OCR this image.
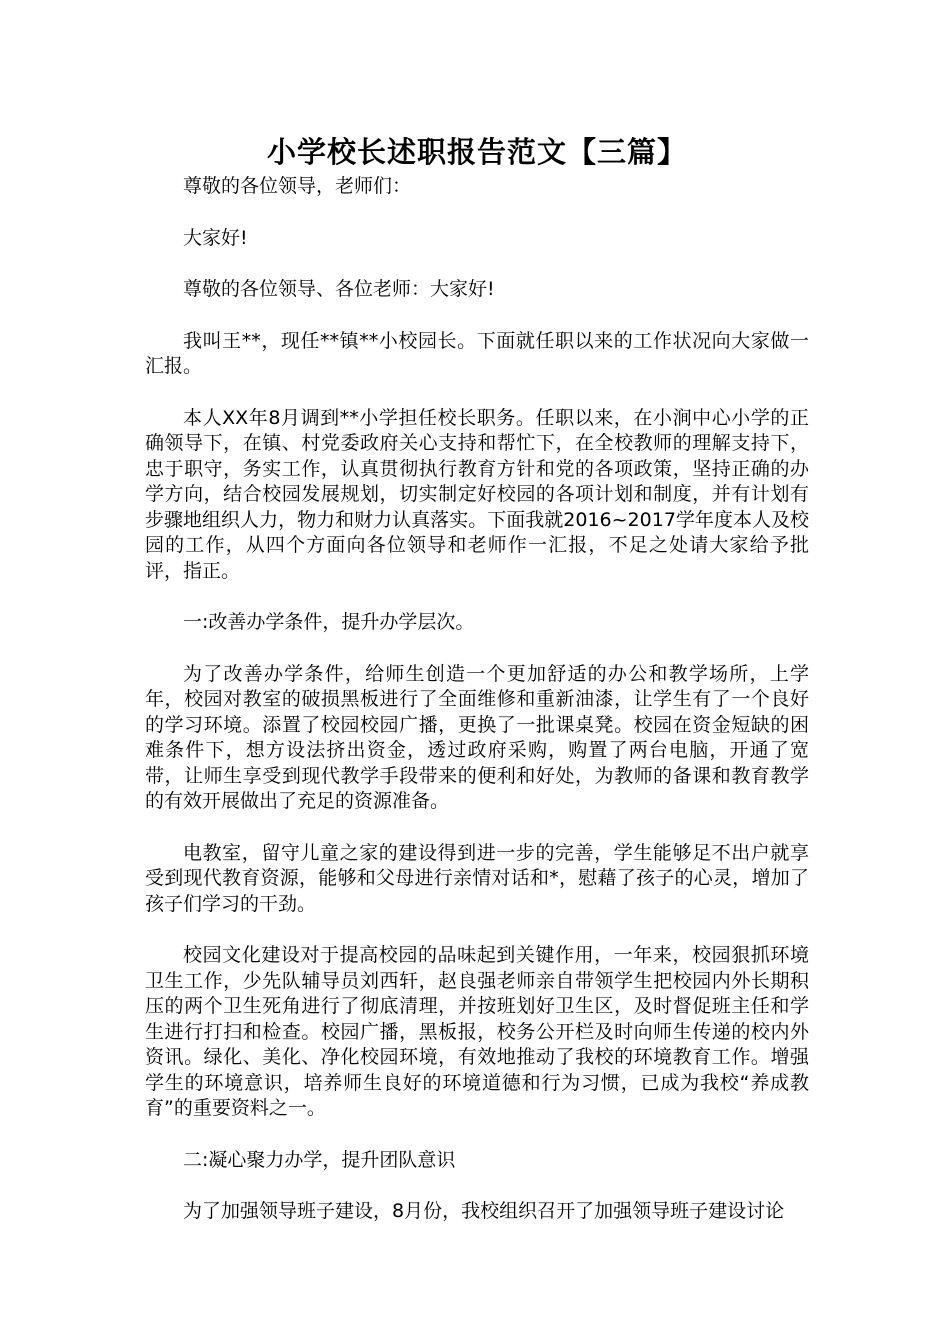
小学校长述职报告范文【三篇】

尊敬的各位领导，老师们：

大家好!

尊敬的各位领导、各位老师：大家好!

我叫王**，现任**镇**小校园长。下面就任职以来的工作状况向大家做一汇报。

本人XX年8月调到**小学担任校长职务。任职以来，在小涧中心小学的正确领导下，在镇、村党委政府关心支持和帮忙下，在全校教师的理解支持下，忠于职守，务实工作，认真贯彻执行教育方针和党的各项政策，坚持正确的办学方向，结合校园发展规划，切实制定好校园的各项计划和制度，并有计划有步骤地组织人力，物力和财力认真落实。下面我就2016~2017学年度本人及校园的工作，从四个方面向各位领导和老师作一汇报，不足之处请大家给予批评，指正。

一:改善办学条件，提升办学层次。

为了改善办学条件，给师生创造一个更加舒适的办公和教学场所，上学年，校园对教室的破损黑板进行了全面维修和重新油漆，让学生有了一个良好的学习环境。添置了校园校园广播，更换了一批课桌凳。校园在资金短缺的困难条件下，想方设法挤出资金，透过政府采购，购置了两台电脑，开通了宽带，让师生享受到现代教学手段带来的便利和好处，为教师的备课和教育教学的有效开展做出了充足的资源准备。

电教室，留守儿童之家的建设得到进一步的完善，学生能够足不出户就享受到现代教育资源，能够和父母进行亲情对话和*，慰藉了孩子的心灵，增加了孩子们学习的干劲。

校园文化建设对于提高校园的品味起到关键作用，一年来，校园狠抓环境卫生工作，少先队辅导员刘西轩，赵良强老师亲自带领学生把校园内外长期积压的两个卫生死角进行了彻底清理，并按班划好卫生区，及时督促班主任和学生进行打扫和检查。校园广播，黑板报，校务公开栏及时向师生传递的校内外资讯。绿化、美化、净化校园环境，有效地推动了我校的环境教育工作。增强学生的环境意识，培养师生良好的环境道德和行为习惯，已成为我校“养成教育”的重要资料之一。

二:凝心聚力办学，提升团队意识

为了加强领导班子建设，8月份，我校组织召开了加强领导班子建设讨论
